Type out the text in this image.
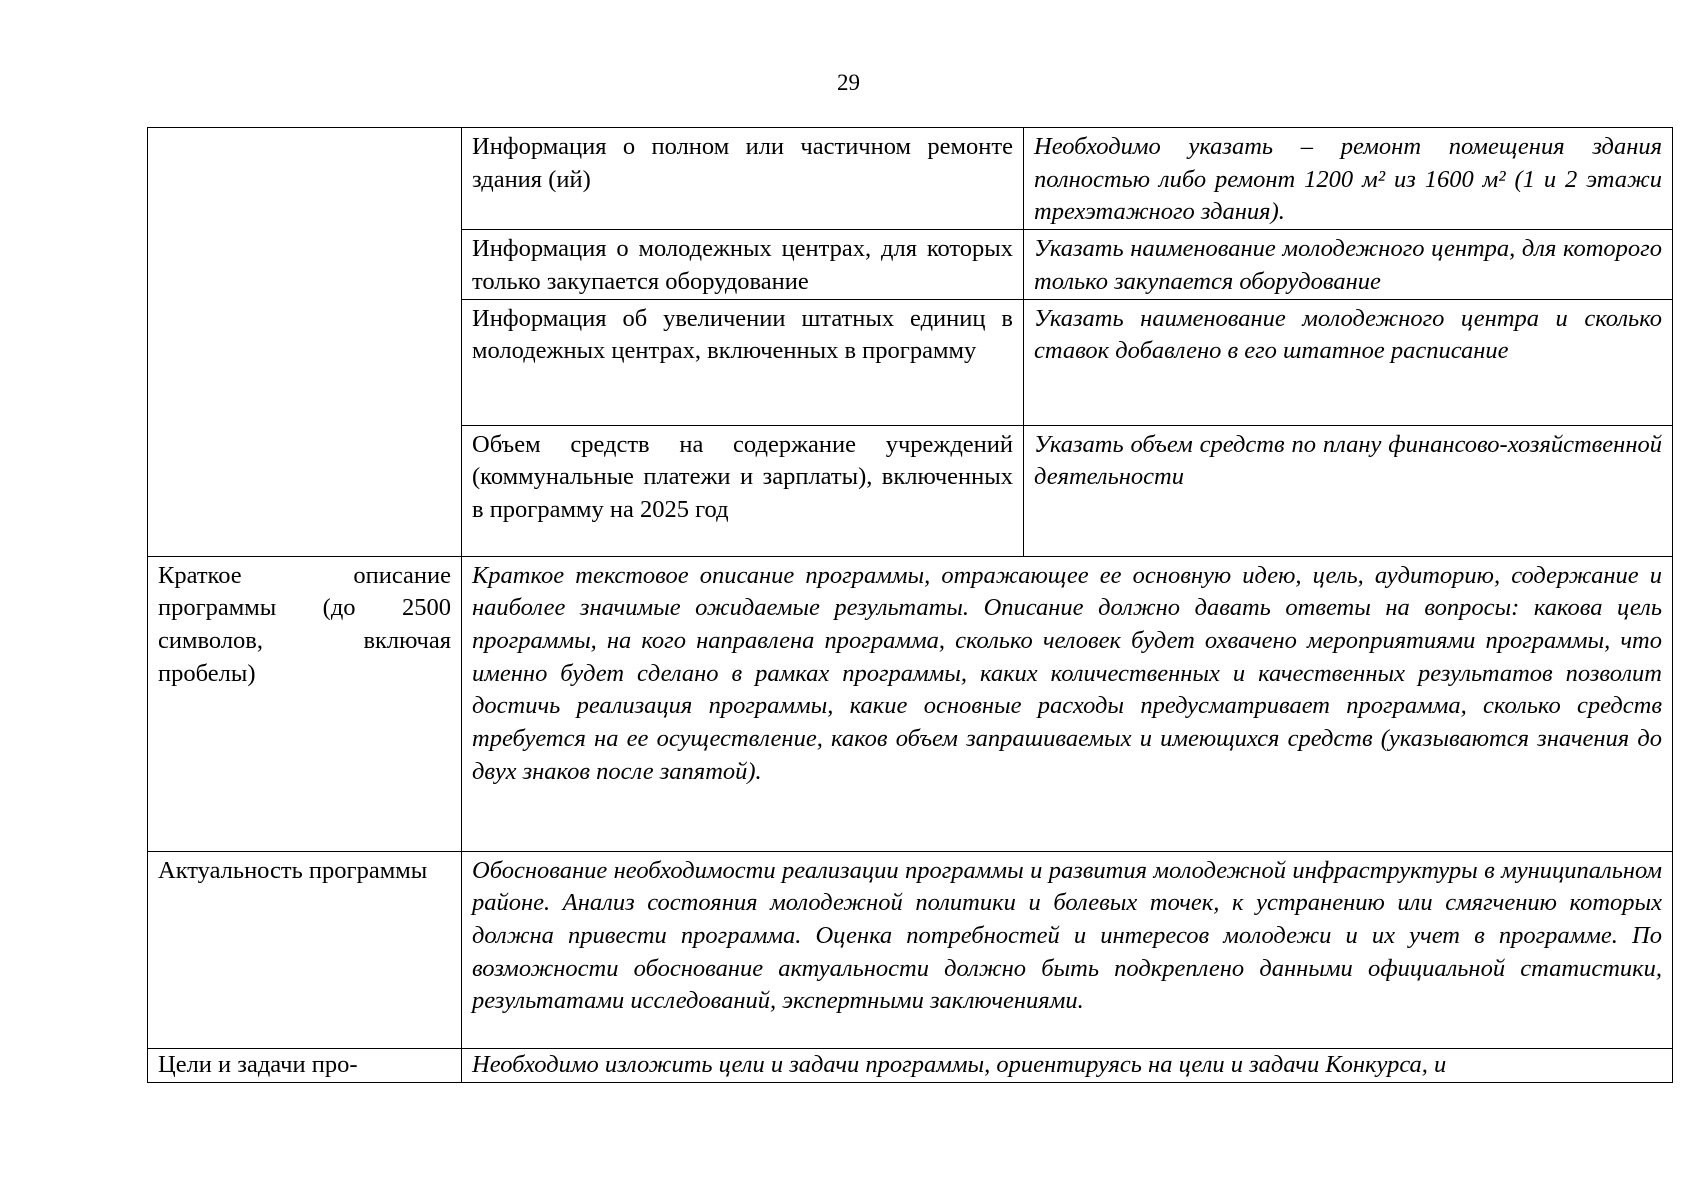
29
	Информация о полном или частичном ремонте здания (ий)	Необходимо указать – ремонт помещения здания полностью либо ремонт 1200 м² из 1600 м² (1 и 2 этажи трехэтажного здания).
	Информация о молодежных центрах, для которых только закупается оборудование	Указать наименование молодежного центра, для которого только закупается оборудование
	Информация об увеличении штатных единиц в молодежных центрах, включенных в программу	Указать наименование молодежного центра и сколько ставок добавлено в его штатное расписание
	Объем средств на содержание учреждений (коммунальные платежи и зарплаты), включенных в программу на 2025 год	Указать объем средств по плану финансово-хозяйственной деятельности
Краткое описание программы (до 2500 символов, включая пробелы)	Краткое текстовое описание программы, отражающее ее основную идею, цель, аудиторию, содержание и наиболее значимые ожидаемые результаты. Описание должно давать ответы на вопросы: какова цель программы, на кого направлена программа, сколько человек будет охвачено мероприятиями программы, что именно будет сделано в рамках программы, каких количественных и качественных результатов позволит достичь реализация программы, какие основные расходы предусматривает программа, сколько средств требуется на ее осуществление, каков объем запрашиваемых и имеющихся средств (указываются значения до двух знаков после запятой).	
Актуальность программы	Обоснование необходимости реализации программы и развития молодежной инфраструктуры в муниципальном районе. Анализ состояния молодежной политики и болевых точек, к устранению или смягчению которых должна привести программа. Оценка потребностей и интересов молодежи и их учет в программе. По возможности обоснование актуальности должно быть подкреплено данными официальной статистики, результатами исследований, экспертными заключениями.	
Цели и задачи про-	Необходимо изложить цели и задачи программы, ориентируясь на цели и задачи Конкурса, и	
